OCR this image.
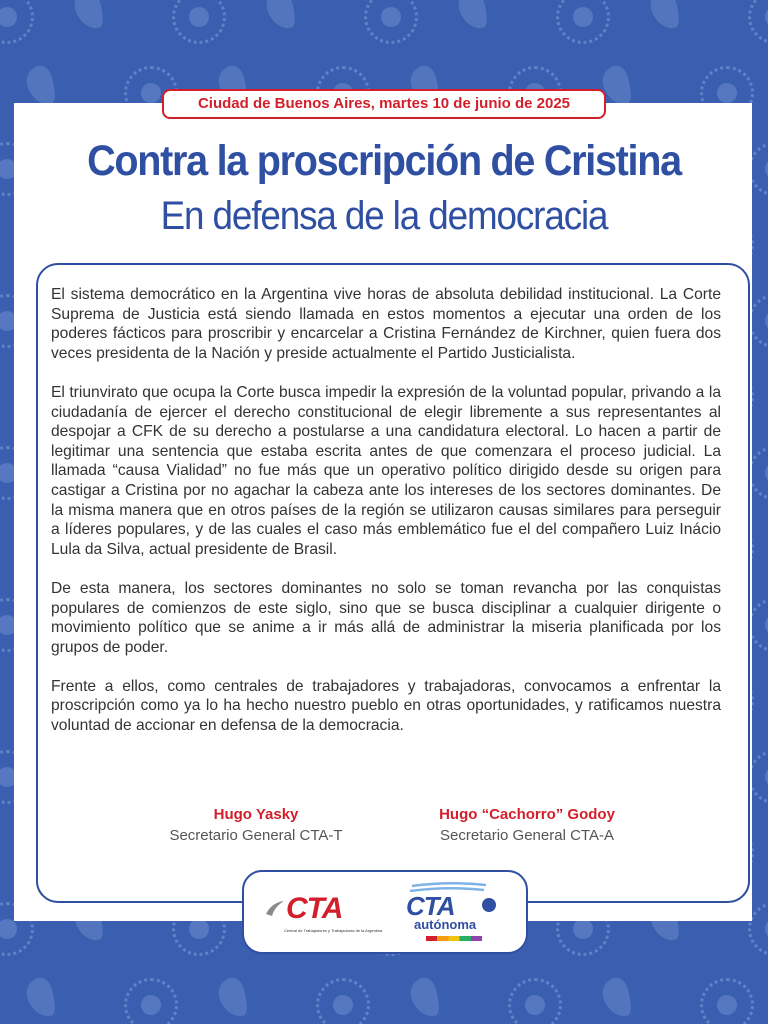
Ciudad de Buenos Aires, martes 10 de junio de 2025
Contra la proscripción de Cristina
En defensa de la democracia

El sistema democrático en la Argentina vive horas de absoluta debilidad institucional. La Corte Suprema de Justicia está siendo llamada en estos momentos a ejecutar una orden de los poderes fácticos para proscribir y encarcelar a Cristina Fernández de Kirchner, quien fuera dos veces presidenta de la Nación y preside actualmente el Partido Justicialista.

El triunvirato que ocupa la Corte busca impedir la expresión de la voluntad popular, privando a la ciudadanía de ejercer el derecho constitucional de elegir libremente a sus representantes al despojar a CFK de su derecho a postularse a una candidatura electoral. Lo hacen a partir de legitimar una sentencia que estaba escrita antes de que comenzara el proceso judicial. La llamada “causa Vialidad” no fue más que un operativo político dirigido desde su origen para castigar a Cristina por no agachar la cabeza ante los intereses de los sectores dominantes. De la misma manera que en otros países de la región se utilizaron causas similares para perseguir a líderes populares, y de las cuales el caso más emblemático fue el del compañero Luiz Inácio Lula da Silva, actual presidente de Brasil.

De esta manera, los sectores dominantes no solo se toman revancha por las conquistas populares de comienzos de este siglo, sino que se busca disciplinar a cualquier dirigente o movimiento político que se anime a ir más allá de administrar la miseria planificada por los grupos de poder.

Frente a ellos, como centrales de trabajadores y trabajadoras, convocamos a enfrentar la proscripción como ya lo ha hecho nuestro pueblo en otras oportunidades, y ratificamos nuestra voluntad de accionar en defensa de la democracia.

Hugo Yasky
Secretario General CTA-T
Hugo “Cachorro” Godoy
Secretario General CTA-A
CTA
Central de Trabajadores y Trabajadoras de la Argentina
CTA
autónoma
